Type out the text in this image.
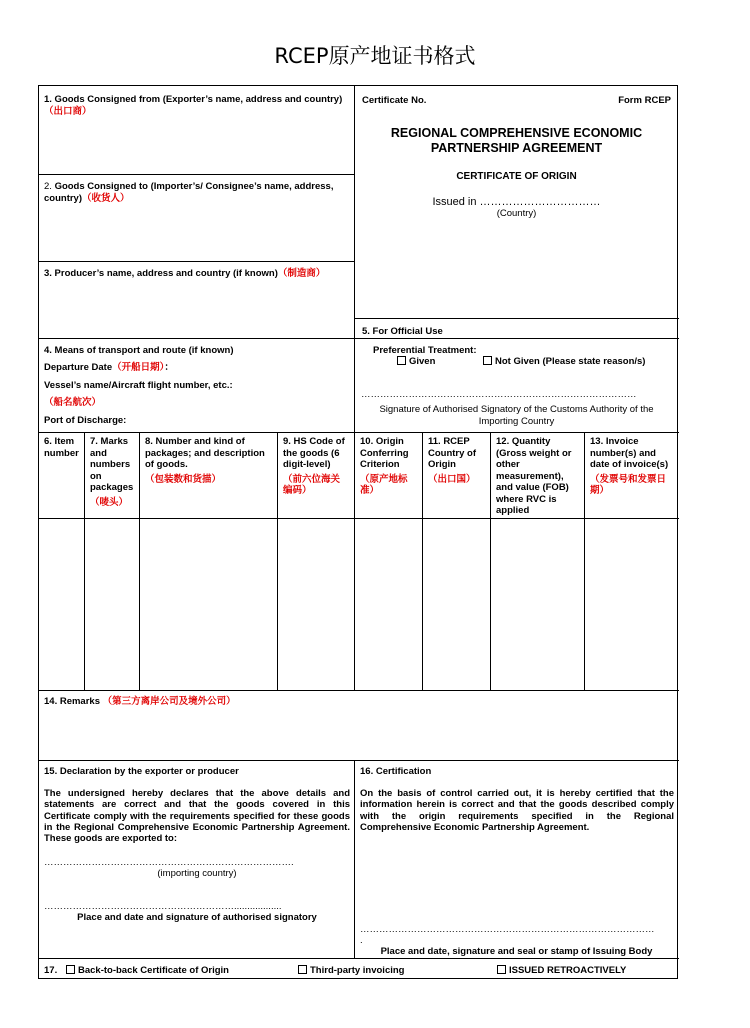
RCEP原产地证书格式
1. Goods Consigned from (Exporter’s name, address and country)（出口商）
2. Goods Consigned to (Importer’s/ Consignee’s name, address, country)（收货人）
3. Producer’s name, address and country (if known)（制造商）
Certificate No.	Form RCEP
REGIONAL COMPREHENSIVE ECONOMIC
PARTNERSHIP AGREEMENT
CERTIFICATE OF ORIGIN
Issued in ……………………………
(Country)
5. For Official Use
Preferential Treatment:
Given	Not Given (Please state reason/s)
……………………………………………………………………………
Signature of Authorised Signatory of the Customs Authority of the Importing Country
4. Means of transport and route (if known)
Departure Date（开船日期）：
Vessel’s name/Aircraft flight number, etc.:
（船名航次）
Port of Discharge:
6. Item number
7. Marks and numbers on packages
（唛头）
8. Number and kind of packages; and description of goods.
（包装数和货描）
9. HS Code of the goods (6 digit-level)
（前六位海关编码）
10. Origin Conferring Criterion
（原产地标准）
11. RCEP Country of Origin
（出口国）
12. Quantity (Gross weight or other measurement), and value (FOB) where RVC is applied
13. Invoice number(s) and date of invoice(s)
（发票号和发票日期）
14. Remarks （第三方离岸公司及境外公司）
15. Declaration by the exporter or producer
The undersigned hereby declares that the above details and statements are correct and that the goods covered in this Certificate comply with the requirements specified for these goods in the Regional Comprehensive Economic Partnership Agreement. These goods are exported to:
…………………………………………………………………….
(importing country)
……………………………………………………..................
Place and date and signature of authorised signatory
16. Certification
On the basis of control carried out, it is hereby certified that the information herein is correct and that the goods described comply with the origin requirements specified in the Regional Comprehensive Economic Partnership Agreement.
…………………………………………………………………………………
.
Place and date, signature and seal or stamp of Issuing Body
17.	Back-to-back Certificate of Origin	Third-party invoicing	ISSUED RETROACTIVELY
